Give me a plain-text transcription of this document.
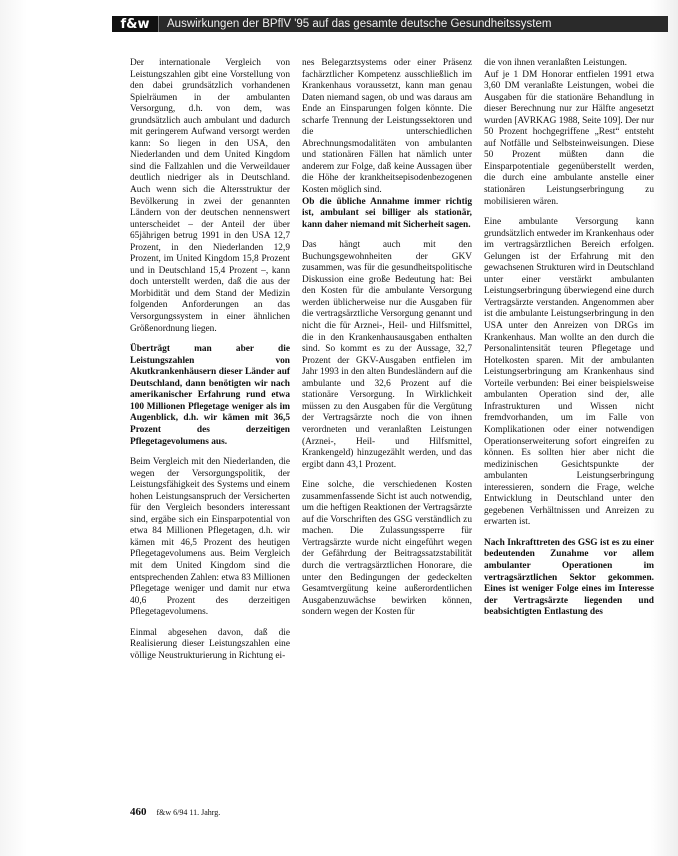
f&w	Auswirkungen der BPflV '95 auf das gesamte deutsche Gesundheitssystem

Der internationale Vergleich von Leistungszahlen gibt eine Vorstellung von den dabei grundsätzlich vorhandenen Spielräumen in der ambulanten Versorgung, d.h. von dem, was grundsätzlich auch ambulant und dadurch mit geringerem Aufwand versorgt werden kann: So liegen in den USA, den Niederlanden und dem United Kingdom sind die Fallzahlen und die Verweildauer deutlich niedriger als in Deutschland. Auch wenn sich die Altersstruktur der Bevölkerung in zwei der genannten Ländern von der deutschen nennenswert unterscheidet – der Anteil der über 65jährigen betrug 1991 in den USA 12,7 Prozent, in den Niederlanden 12,9 Prozent, im United Kingdom 15,8 Prozent und in Deutschland 15,4 Prozent –, kann doch unterstellt werden, daß die aus der Morbidität und dem Stand der Medizin folgenden Anforderungen an das Versorgungssystem in einer ähnlichen Größenordnung liegen.

Überträgt man aber die Leistungszahlen von Akutkrankenhäusern dieser Länder auf Deutschland, dann benötigten wir nach amerikanischer Erfahrung rund etwa 100 Millionen Pflegetage weniger als im Augenblick, d.h. wir kämen mit 36,5 Prozent des derzeitigen Pflegetagevolumens aus.

Beim Vergleich mit den Niederlanden, die wegen der Versorgungspolitik, der Leistungsfähigkeit des Systems und einem hohen Leistungsanspruch der Versicherten für den Vergleich besonders interessant sind, ergäbe sich ein Einsparpotential von etwa 84 Millionen Pflegetagen, d.h. wir kämen mit 46,5 Prozent des heutigen Pflegetagevolumens aus. Beim Vergleich mit dem United Kingdom sind die entsprechenden Zahlen: etwa 83 Millionen Pflegetage weniger und damit nur etwa 40,6 Prozent des derzeitigen Pflegetagevolumens.

Einmal abgesehen davon, daß die Realisierung dieser Leistungszahlen eine völlige Neustrukturierung in Richtung ei-

nes Belegarztsystems oder einer Präsenz fachärztlicher Kompetenz ausschließlich im Krankenhaus voraussetzt, kann man genau Daten niemand sagen, ob und was daraus am Ende an Einsparungen folgen könnte. Die scharfe Trennung der Leistungssektoren und die unterschiedlichen Abrechnungsmodalitäten von ambulanten und stationären Fällen hat nämlich unter anderem zur Folge, daß keine Aussagen über die Höhe der krankheitsepisodenbezogenen Kosten möglich sind.

Ob die übliche Annahme immer richtig ist, ambulant sei billiger als stationär, kann daher niemand mit Sicherheit sagen.

Das hängt auch mit den Buchungsgewohnheiten der GKV zusammen, was für die gesundheitspolitische Diskussion eine große Bedeutung hat: Bei den Kosten für die ambulante Versorgung werden üblicherweise nur die Ausgaben für die vertragsärztliche Versorgung genannt und nicht die für Arznei-, Heil- und Hilfsmittel, die in den Krankenhausausgaben enthalten sind. So kommt es zu der Aussage, 32,7 Prozent der GKV-Ausgaben entfielen im Jahr 1993 in den alten Bundesländern auf die ambulante und 32,6 Prozent auf die stationäre Versorgung. In Wirklichkeit müssen zu den Ausgaben für die Vergütung der Vertragsärzte noch die von ihnen verordneten und veranlaßten Leistungen (Arznei-, Heil- und Hilfsmittel, Krankengeld) hinzugezählt werden, und das ergibt dann 43,1 Prozent.

Eine solche, die verschiedenen Kosten zusammenfassende Sicht ist auch notwendig, um die heftigen Reaktionen der Vertragsärzte auf die Vorschriften des GSG verständlich zu machen. Die Zulassungssperre für Vertragsärzte wurde nicht eingeführt wegen der Gefährdung der Beitragssatzstabilität durch die vertragsärztlichen Honorare, die unter den Bedingungen der gedeckelten Gesamtvergütung keine außerordentlichen Ausgabenzuwächse bewirken können, sondern wegen der Kosten für

die von ihnen veranlaßten Leistungen.

Auf je 1 DM Honorar entfielen 1991 etwa 3,60 DM veranlaßte Leistungen, wobei die Ausgaben für die stationäre Behandlung in dieser Berechnung nur zur Hälfte angesetzt wurden [AVRKAG 1988, Seite 109]. Der nur 50 Prozent hochgegriffene „Rest“ entsteht auf Notfälle und Selbsteinweisungen. Diese 50 Prozent müßten dann die Einsparpotentiale gegenüberstellt werden, die durch eine ambulante anstelle einer stationären Leistungserbringung zu mobilisieren wären.

Eine ambulante Versorgung kann grundsätzlich entweder im Krankenhaus oder im vertragsärztlichen Bereich erfolgen. Gelungen ist der Erfahrung mit den gewachsenen Strukturen wird in Deutschland unter einer verstärkt ambulanten Leistungserbringung überwiegend eine durch Vertragsärzte verstanden. Angenommen aber ist die ambulante Leistungserbringung in den USA unter den Anreizen von DRGs im Krankenhaus. Man wollte an den durch die Personalintensität teuren Pflegetage und Hotelkosten sparen. Mit der ambulanten Leistungserbringung am Krankenhaus sind Vorteile verbunden: Bei einer beispielsweise ambulanten Operation sind der, alle Infrastrukturen und Wissen nicht fremdvorhanden, um im Falle von Komplikationen oder einer notwendigen Operationserweiterung sofort eingreifen zu können. Es sollten hier aber nicht die medizinischen Gesichtspunkte der ambulanten Leistungserbringung interessieren, sondern die Frage, welche Entwicklung in Deutschland unter den gegebenen Verhältnissen und Anreizen zu erwarten ist.

Nach Inkrafttreten des GSG ist es zu einer bedeutenden Zunahme vor allem ambulanter Operationen im vertragsärztlichen Sektor gekommen. Eines ist weniger Folge eines im Interesse der Vertragsärzte liegenden und beabsichtigten Entlastung des

460 f&w 6/94 11. Jahrg.
